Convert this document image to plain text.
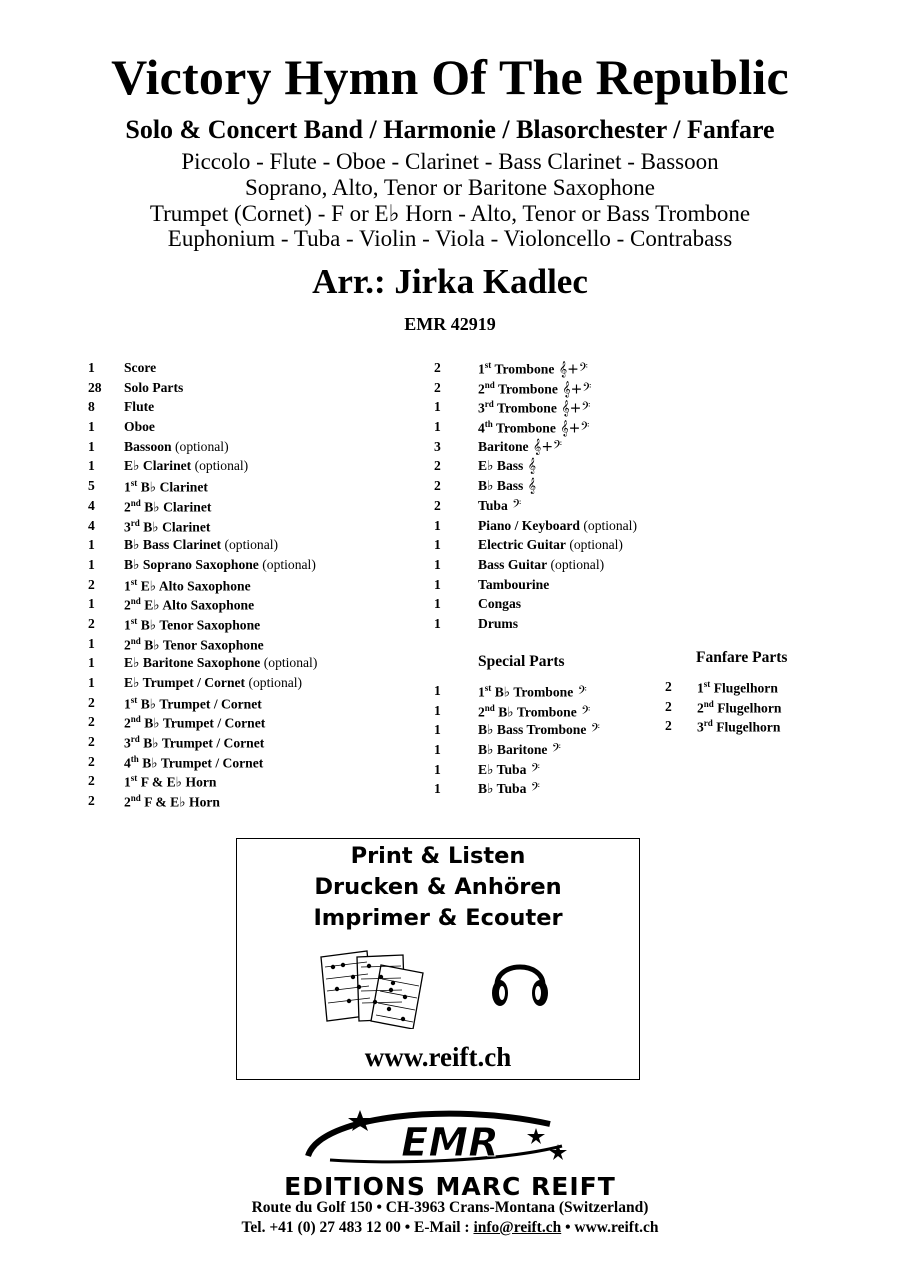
Victory Hymn Of The Republic
Solo & Concert Band / Harmonie / Blasorchester / Fanfare
Piccolo - Flute - Oboe - Clarinet - Bass Clarinet - Bassoon
Soprano, Alto, Tenor or Baritone Saxophone
Trumpet (Cornet) - F or E♭ Horn - Alto, Tenor or Bass Trombone
Euphonium - Tuba - Violin - Viola - Violoncello - Contrabass
Arr.: Jirka Kadlec
EMR 42919
1 Score
28 Solo Parts
8 Flute
1 Oboe
1 Bassoon (optional)
1 E♭ Clarinet (optional)
5 1st B♭ Clarinet
4 2nd B♭ Clarinet
4 3rd B♭ Clarinet
1 B♭ Bass Clarinet (optional)
1 B♭ Soprano Saxophone (optional)
2 1st E♭ Alto Saxophone
1 2nd E♭ Alto Saxophone
2 1st B♭ Tenor Saxophone
1 2nd B♭ Tenor Saxophone
1 E♭ Baritone Saxophone (optional)
1 E♭ Trumpet / Cornet (optional)
2 1st B♭ Trumpet / Cornet
2 2nd B♭ Trumpet / Cornet
2 3rd B♭ Trumpet / Cornet
2 4th B♭ Trumpet / Cornet
2 1st F & E♭ Horn
2 2nd F & E♭ Horn
2	1st Trombone 𝄞+𝄢
2	2nd Trombone 𝄞+𝄢
1	3rd Trombone 𝄞+𝄢
1	4th Trombone 𝄞+𝄢
3	Baritone 𝄞+𝄢
2	E♭ Bass 𝄞
2	B♭ Bass 𝄞
2	Tuba 𝄢
1	Piano / Keyboard (optional)
1	Electric Guitar (optional)
1	Bass Guitar (optional)
1	Tambourine
1	Congas
1	Drums
Special Parts
1	1st B♭ Trombone 𝄢
1	2nd B♭ Trombone 𝄢
1	B♭ Bass Trombone 𝄢
1	B♭ Baritone 𝄢
1	E♭ Tuba 𝄢
1	B♭ Tuba 𝄢
Fanfare Parts
2 1st Flugelhorn
2 2nd Flugelhorn
2 3rd Flugelhorn
Print & Listen
Drucken & Anhören
Imprimer & Ecouter
www.reift.ch
EMR
EDITIONS MARC REIFT
Route du Golf 150 • CH-3963 Crans-Montana (Switzerland)
Tel. +41 (0) 27 483 12 00 • E-Mail : info@reift.ch • www.reift.ch
